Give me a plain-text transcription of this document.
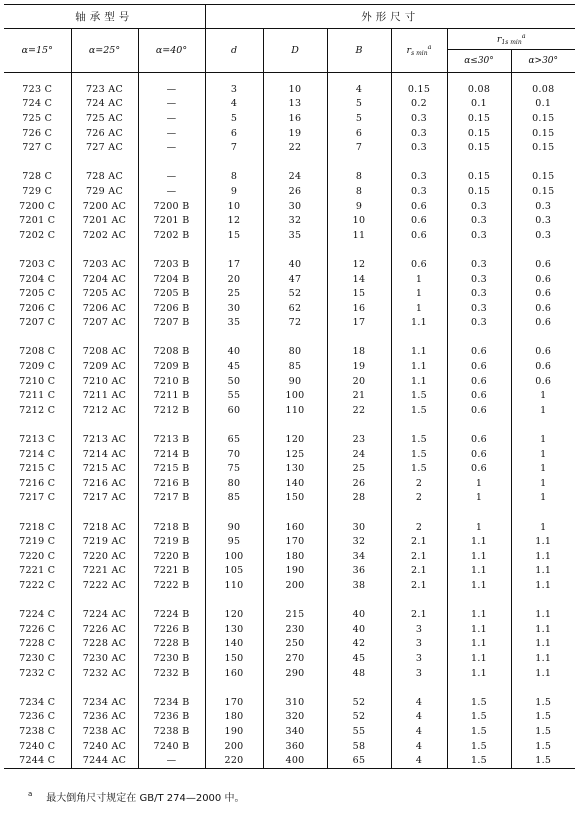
轴承型号			外形尺寸					
α=15°	α=25°	α=40°	d	D	B	$r_{s min}^a$	$r_{1s min}^a$
							α≤30°	α>30°

723 C	723 AC	—	3	10	4	0.15	0.08	0.08
724 C	724 AC	—	4	13	5	0.2	0.1	0.1
725 C	725 AC	—	5	16	5	0.3	0.15	0.15
726 C	726 AC	—	6	19	6	0.3	0.15	0.15
727 C	727 AC	—	7	22	7	0.3	0.15	0.15

728 C	728 AC	—	8	24	8	0.3	0.15	0.15
729 C	729 AC	—	9	26	8	0.3	0.15	0.15
7200 C	7200 AC	7200 B	10	30	9	0.6	0.3	0.3
7201 C	7201 AC	7201 B	12	32	10	0.6	0.3	0.3
7202 C	7202 AC	7202 B	15	35	11	0.6	0.3	0.3

7203 C	7203 AC	7203 B	17	40	12	0.6	0.3	0.6
7204 C	7204 AC	7204 B	20	47	14	1	0.3	0.6
7205 C	7205 AC	7205 B	25	52	15	1	0.3	0.6
7206 C	7206 AC	7206 B	30	62	16	1	0.3	0.6
7207 C	7207 AC	7207 B	35	72	17	1.1	0.3	0.6

7208 C	7208 AC	7208 B	40	80	18	1.1	0.6	0.6
7209 C	7209 AC	7209 B	45	85	19	1.1	0.6	0.6
7210 C	7210 AC	7210 B	50	90	20	1.1	0.6	0.6
7211 C	7211 AC	7211 B	55	100	21	1.5	0.6	1
7212 C	7212 AC	7212 B	60	110	22	1.5	0.6	1

7213 C	7213 AC	7213 B	65	120	23	1.5	0.6	1
7214 C	7214 AC	7214 B	70	125	24	1.5	0.6	1
7215 C	7215 AC	7215 B	75	130	25	1.5	0.6	1
7216 C	7216 AC	7216 B	80	140	26	2	1	1
7217 C	7217 AC	7217 B	85	150	28	2	1	1

7218 C	7218 AC	7218 B	90	160	30	2	1	1
7219 C	7219 AC	7219 B	95	170	32	2.1	1.1	1.1
7220 C	7220 AC	7220 B	100	180	34	2.1	1.1	1.1
7221 C	7221 AC	7221 B	105	190	36	2.1	1.1	1.1
7222 C	7222 AC	7222 B	110	200	38	2.1	1.1	1.1

7224 C	7224 AC	7224 B	120	215	40	2.1	1.1	1.1
7226 C	7226 AC	7226 B	130	230	40	3	1.1	1.1
7228 C	7228 AC	7228 B	140	250	42	3	1.1	1.1
7230 C	7230 AC	7230 B	150	270	45	3	1.1	1.1
7232 C	7232 AC	7232 B	160	290	48	3	1.1	1.1

7234 C	7234 AC	7234 B	170	310	52	4	1.5	1.5
7236 C	7236 AC	7236 B	180	320	52	4	1.5	1.5
7238 C	7238 AC	7238 B	190	340	55	4	1.5	1.5
7240 C	7240 AC	7240 B	200	360	58	4	1.5	1.5
7244 C	7244 AC	—	220	400	65	4	1.5	1.5
$^a$ 最大倒角尺寸规定在 GB/T 274—2000 中。
